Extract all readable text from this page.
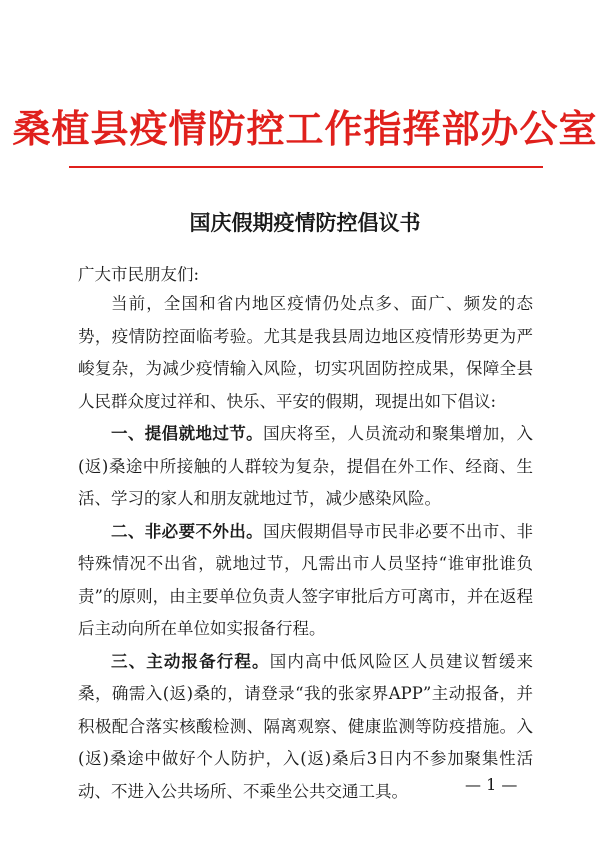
桑植县疫情防控工作指挥部办公室
国庆假期疫情防控倡议书
广大市民朋友们:

当前，全国和省内地区疫情仍处点多、面广、频发的态势，疫情防控面临考验。尤其是我县周边地区疫情形势更为严峻复杂，为减少疫情输入风险，切实巩固防控成果，保障全县人民群众度过祥和、快乐、平安的假期，现提出如下倡议:

一、提倡就地过节。国庆将至，人员流动和聚集增加，入(返)桑途中所接触的人群较为复杂，提倡在外工作、经商、生活、学习的家人和朋友就地过节，减少感染风险。

二、非必要不外出。国庆假期倡导市民非必要不出市、非特殊情况不出省，就地过节，凡需出市人员坚持“谁审批谁负责”的原则，由主要单位负责人签字审批后方可离市，并在返程后主动向所在单位如实报备行程。

三、主动报备行程。国内高中低风险区人员建议暂缓来桑，确需入(返)桑的，请登录“我的张家界APP”主动报备，并积极配合落实核酸检测、隔离观察、健康监测等防疫措施。入(返)桑途中做好个人防护，入(返)桑后3日内不参加聚集性活动、不进入公共场所、不乘坐公共交通工具。	— 1 —
